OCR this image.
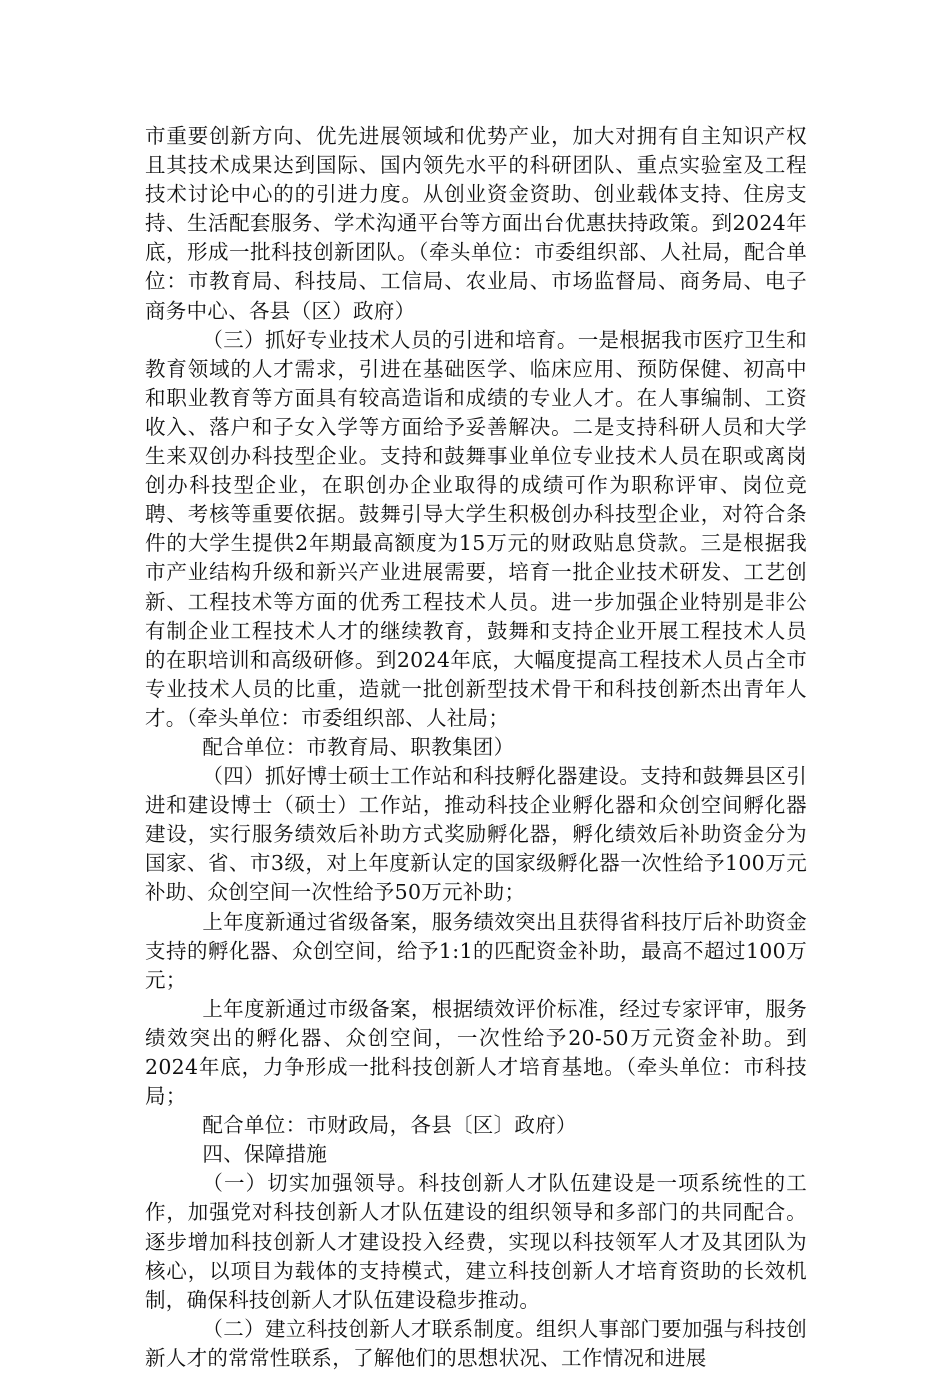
市重要创新方向、优先进展领域和优势产业，加大对拥有自主知识产权且其技术成果达到国际、国内领先水平的科研团队、重点实验室及工程技术讨论中心的的引进力度。从创业资金资助、创业载体支持、住房支持、生活配套服务、学术沟通平台等方面出台优惠扶持政策。到2024年底，形成一批科技创新团队。（牵头单位：市委组织部、人社局，配合单位：市教育局、科技局、工信局、农业局、市场监督局、商务局、电子商务中心、各县（区）政府）

（三）抓好专业技术人员的引进和培育。一是根据我市医疗卫生和教育领域的人才需求，引进在基础医学、临床应用、预防保健、初高中和职业教育等方面具有较高造诣和成绩的专业人才。在人事编制、工资收入、落户和子女入学等方面给予妥善解决。二是支持科研人员和大学生来双创办科技型企业。支持和鼓舞事业单位专业技术人员在职或离岗创办科技型企业，在职创办企业取得的成绩可作为职称评审、岗位竞聘、考核等重要依据。鼓舞引导大学生积极创办科技型企业，对符合条件的大学生提供2年期最高额度为15万元的财政贴息贷款。三是根据我市产业结构升级和新兴产业进展需要，培育一批企业技术研发、工艺创新、工程技术等方面的优秀工程技术人员。进一步加强企业特别是非公有制企业工程技术人才的继续教育，鼓舞和支持企业开展工程技术人员的在职培训和高级研修。到2024年底，大幅度提高工程技术人员占全市专业技术人员的比重，造就一批创新型技术骨干和科技创新杰出青年人才。（牵头单位：市委组织部、人社局；

配合单位：市教育局、职教集团）

（四）抓好博士硕士工作站和科技孵化器建设。支持和鼓舞县区引进和建设博士（硕士）工作站，推动科技企业孵化器和众创空间孵化器建设，实行服务绩效后补助方式奖励孵化器，孵化绩效后补助资金分为国家、省、市3级，对上年度新认定的国家级孵化器一次性给予100万元补助、众创空间一次性给予50万元补助；

上年度新通过省级备案，服务绩效突出且获得省科技厅后补助资金支持的孵化器、众创空间，给予1:1的匹配资金补助，最高不超过100万元；

上年度新通过市级备案，根据绩效评价标准，经过专家评审，服务绩效突出的孵化器、众创空间，一次性给予20-50万元资金补助。到2024年底，力争形成一批科技创新人才培育基地。（牵头单位：市科技局；

配合单位：市财政局，各县〔区〕政府）

四、保障措施

（一）切实加强领导。科技创新人才队伍建设是一项系统性的工作，加强党对科技创新人才队伍建设的组织领导和多部门的共同配合。逐步增加科技创新人才建设投入经费，实现以科技领军人才及其团队为核心，以项目为载体的支持模式，建立科技创新人才培育资助的长效机制，确保科技创新人才队伍建设稳步推动。

（二）建立科技创新人才联系制度。组织人事部门要加强与科技创新人才的常常性联系，了解他们的思想状况、工作情况和进展
